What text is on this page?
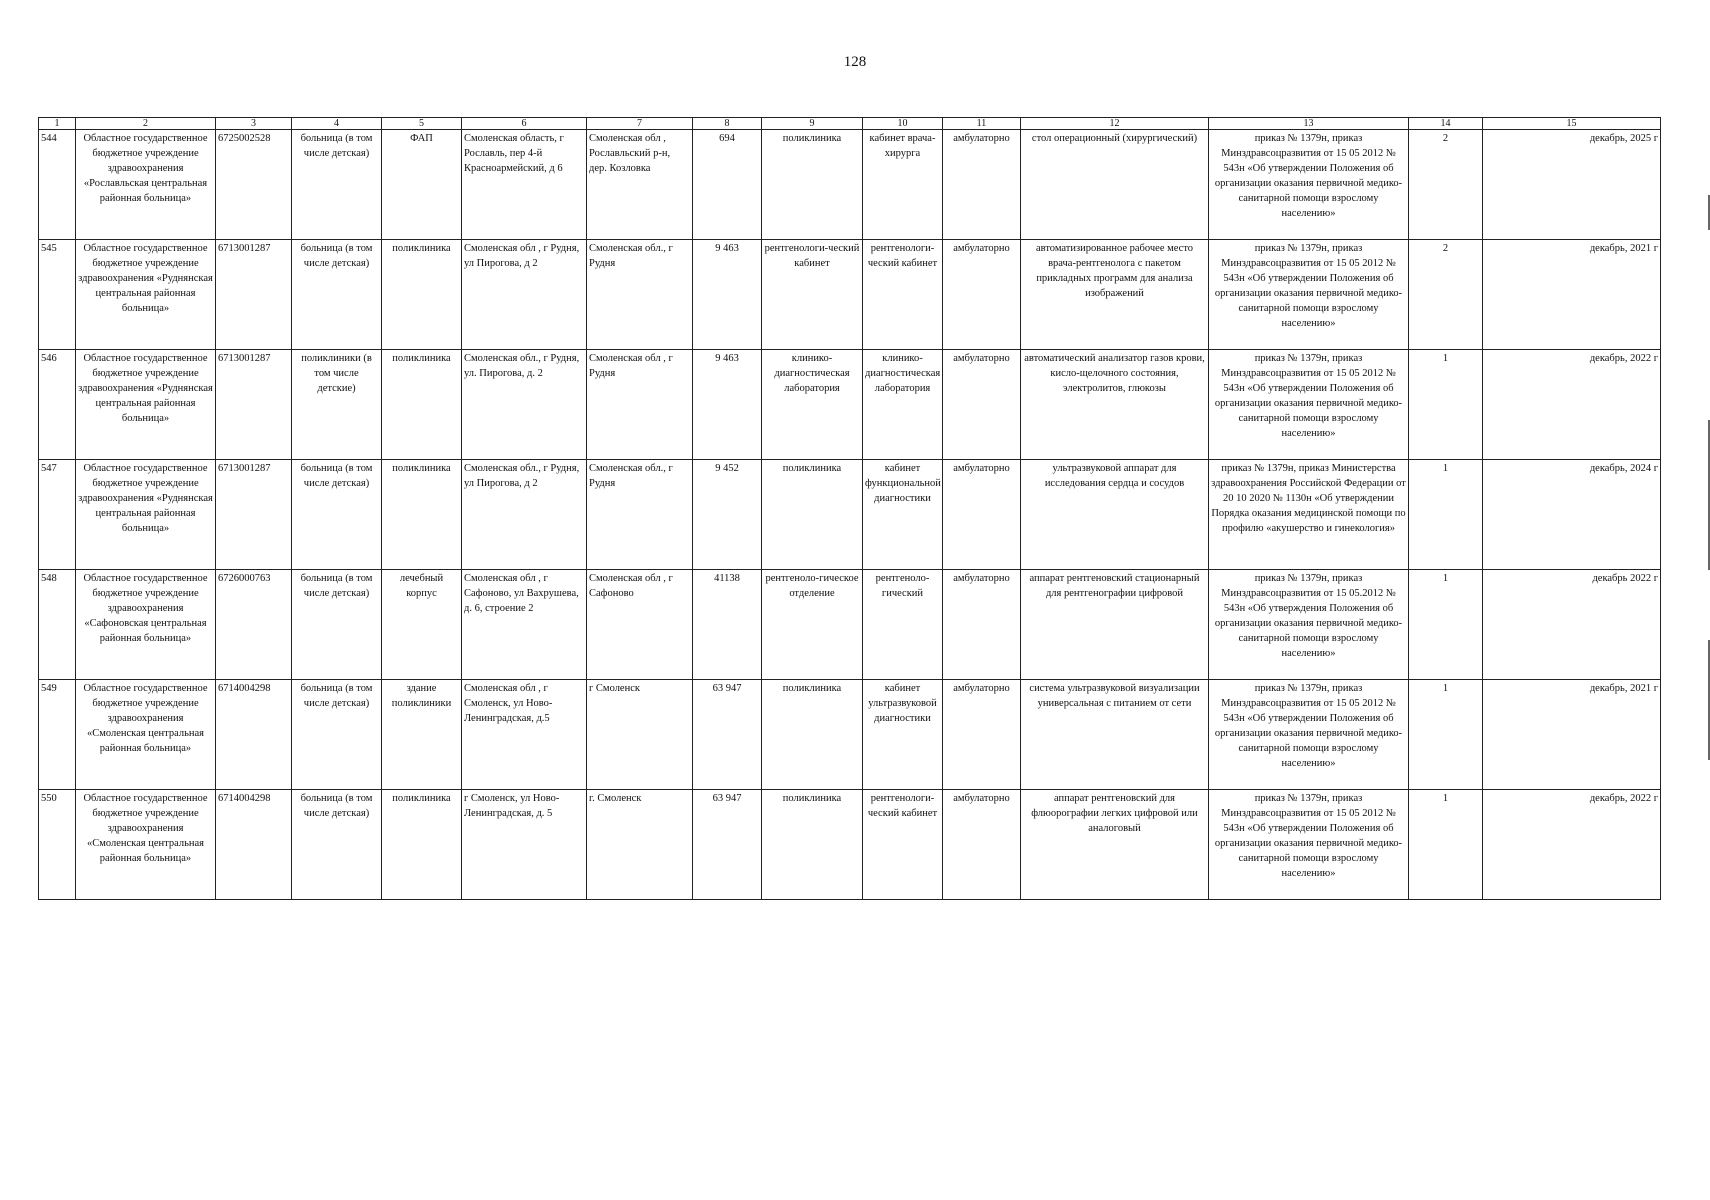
128
1	2	3	4	5	6	7	8	9	10	11	12	13	14	15
544	Областное государственное бюджетное учреждение здравоохранения «Рославльская центральная районная больница»	6725002528	больница (в том числе детская)	ФАП	Смоленская область, г Рославль, пер 4-й Красноармейский, д 6	Смоленская обл , Рославльский р-н, дер. Козловка	694	поликлиника	кабинет врача-хирурга	амбулаторно	стол операционный (хирургический)	приказ № 1379н, приказ Минздравсоцразвития от 15 05 2012 № 543н «Об утверждении Положения об организации оказания первичной медико-санитарной помощи взрослому населению»	2	декабрь, 2025 г
545	Областное государственное бюджетное учреждение здравоохранения «Руднянская центральная районная больница»	6713001287	больница (в том числе детская)	поликлиника	Смоленская обл , г Рудня, ул Пирогова, д 2	Смоленская обл., г Рудня	9 463	рентгенологи-ческий кабинет	рентгенологи-ческий кабинет	амбулаторно	автоматизированное рабочее место врача-рентгенолога с пакетом прикладных программ для анализа изображений	приказ № 1379н, приказ Минздравсоцразвития от 15 05 2012 № 543н «Об утверждении Положения об организации оказания первичной медико-санитарной помощи взрослому населению»	2	декабрь, 2021 г
546	Областное государственное бюджетное учреждение здравоохранения «Руднянская центральная районная больница»	6713001287	поликлиники (в том числе детские)	поликлиника	Смоленская обл., г Рудня, ул. Пирогова, д. 2	Смоленская обл , г Рудня	9 463	клинико-диагностическая лаборатория	клинико-диагностическая лаборатория	амбулаторно	автоматический анализатор газов крови, кисло-щелочного состояния, электролитов, глюкозы	приказ № 1379н, приказ Минздравсоцразвития от 15 05 2012 № 543н «Об утверждении Положения об организации оказания первичной медико-санитарной помощи взрослому населению»	1	декабрь, 2022 г
547	Областное государственное бюджетное учреждение здравоохранения «Руднянская центральная районная больница»	6713001287	больница (в том числе детская)	поликлиника	Смоленская обл., г Рудня, ул Пирогова, д 2	Смоленская обл., г Рудня	9 452	поликлиника	кабинет функциональной диагностики	амбулаторно	ультразвуковой аппарат для исследования сердца и сосудов	приказ № 1379н, приказ Министерства здравоохранения Российской Федерации от 20 10 2020 № 1130н «Об утверждении Порядка оказания медицинской помощи по профилю «акушерство и гинекология»	1	декабрь, 2024 г
548	Областное государственное бюджетное учреждение здравоохранения «Сафоновская центральная районная больница»	6726000763	больница (в том числе детская)	лечебный корпус	Смоленская обл , г Сафоново, ул Вахрушева, д. 6, строение 2	Смоленская обл , г Сафоново	41138	рентгеноло-гическое отделение	рентгеноло-гический	амбулаторно	аппарат рентгеновский стационарный для рентгенографии цифровой	приказ № 1379н, приказ Минздравсоцразвития от 15 05.2012 № 543н «Об утверждения Положения об организации оказания первичной медико-санитарной помощи взрослому населению»	1	декабрь 2022 г
549	Областное государственное бюджетное учреждение здравоохранения «Смоленская центральная районная больница»	6714004298	больница (в том числе детская)	здание поликлиники	Смоленская обл , г Смоленск, ул Ново-Ленинградская, д.5	г Смоленск	63 947	поликлиника	кабинет ультразвуковой диагностики	амбулаторно	система ультразвуковой визуализации универсальная с питанием от сети	приказ № 1379н, приказ Минздравсоцразвития от 15 05 2012 № 543н «Об утверждении Положения об организации оказания первичной медико-санитарной помощи взрослому населению»	1	декабрь, 2021 г
550	Областное государственное бюджетное учреждение здравоохранения «Смоленская центральная районная больница»	6714004298	больница (в том числе детская)	поликлиника	г Смоленск, ул Ново-Ленинградская, д. 5	г. Смоленск	63 947	поликлиника	рентгенологи-ческий кабинет	амбулаторно	аппарат рентгеновский для флюорографии легких цифровой или аналоговый	приказ № 1379н, приказ Минздравсоцразвития от 15 05 2012 № 543н «Об утверждении Положения об организации оказания первичной медико-санитарной помощи взрослому населению»	1	декабрь, 2022 г
